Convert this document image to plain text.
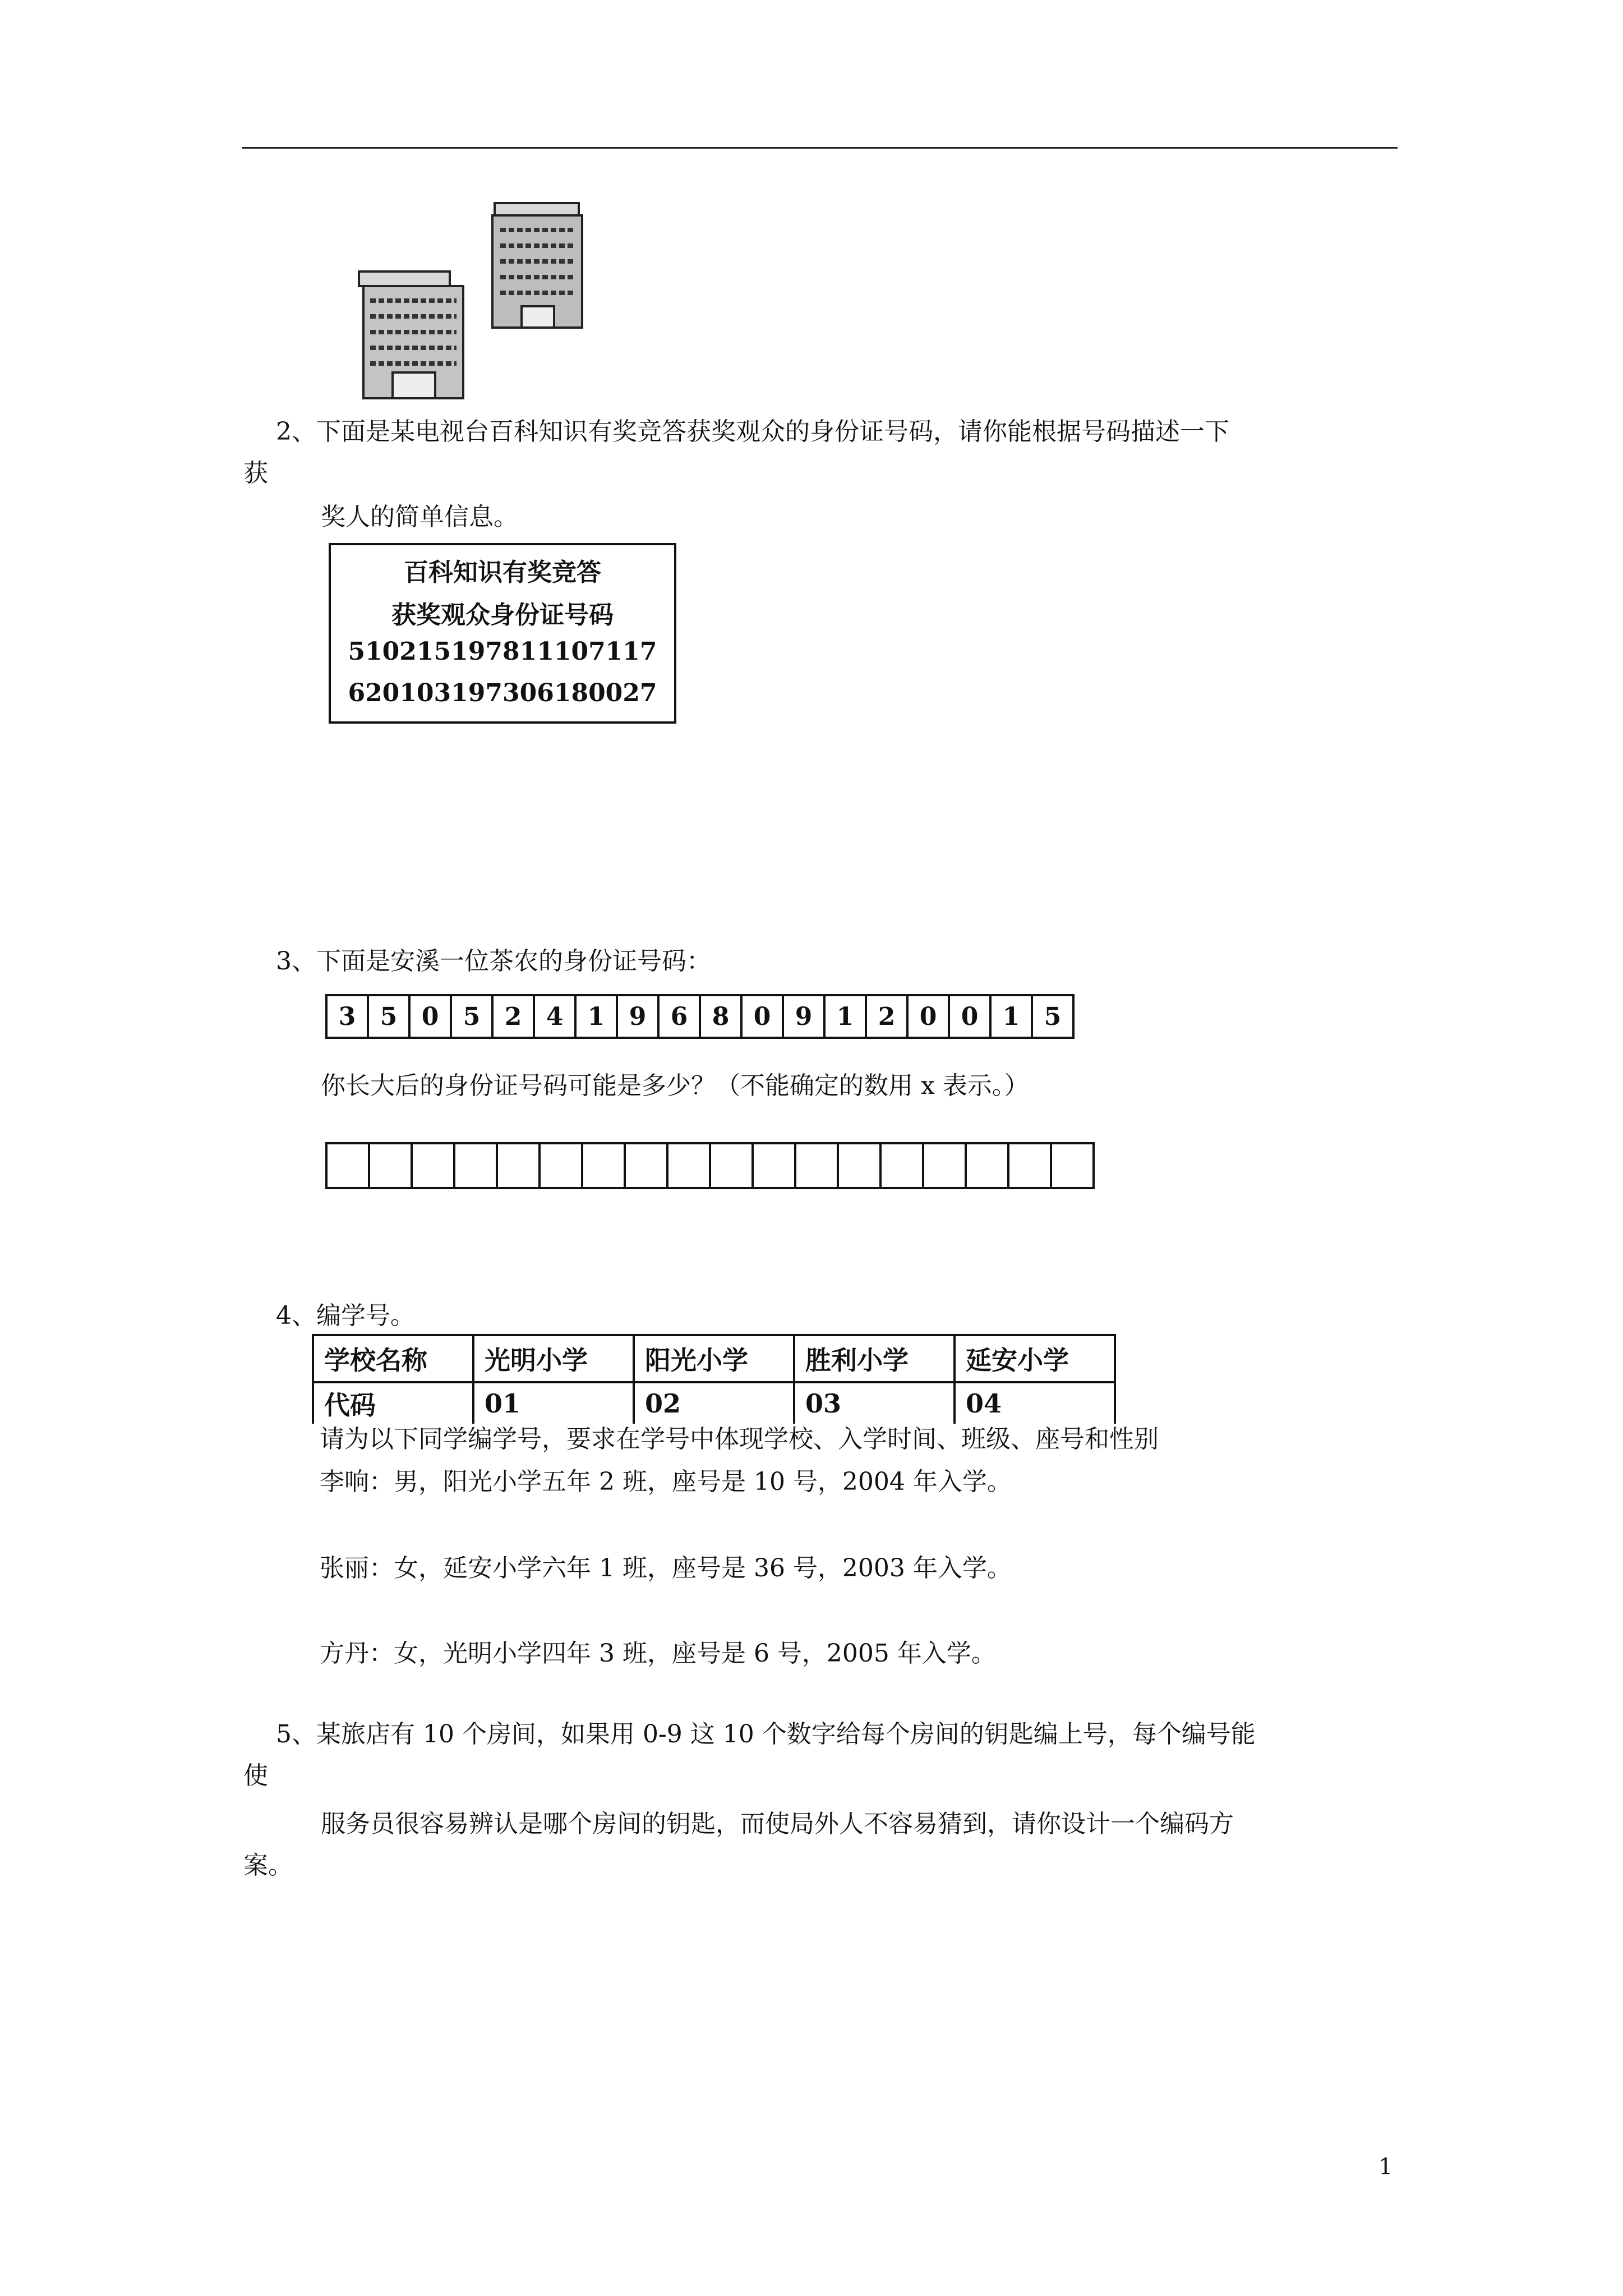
2、下面是某电视台百科知识有奖竞答获奖观众的身份证号码，请你能根据号码描述一下
获
奖人的简单信息。
百科知识有奖竞答
获奖观众身份证号码
510215197811107117
620103197306180027
3、下面是安溪一位茶农的身份证号码：
3	5	0	5	2	4	1	9	6	8	0	9	1	2	0	0	1	5
你长大后的身份证号码可能是多少？（不能确定的数用 x 表示。）

4、编学号。
学校名称	光明小学	阳光小学	胜利小学	延安小学
代码	01	02	03	04
请为以下同学编学号，要求在学号中体现学校、入学时间、班级、座号和性别
李响：男，阳光小学五年 2 班，座号是 10 号，2004 年入学。
张丽：女，延安小学六年 1 班，座号是 36 号，2003 年入学。
方丹：女，光明小学四年 3 班，座号是 6 号，2005 年入学。
5、某旅店有 10 个房间，如果用 0-9 这 10 个数字给每个房间的钥匙编上号，每个编号能
使
服务员很容易辨认是哪个房间的钥匙，而使局外人不容易猜到，请你设计一个编码方
案。
1
